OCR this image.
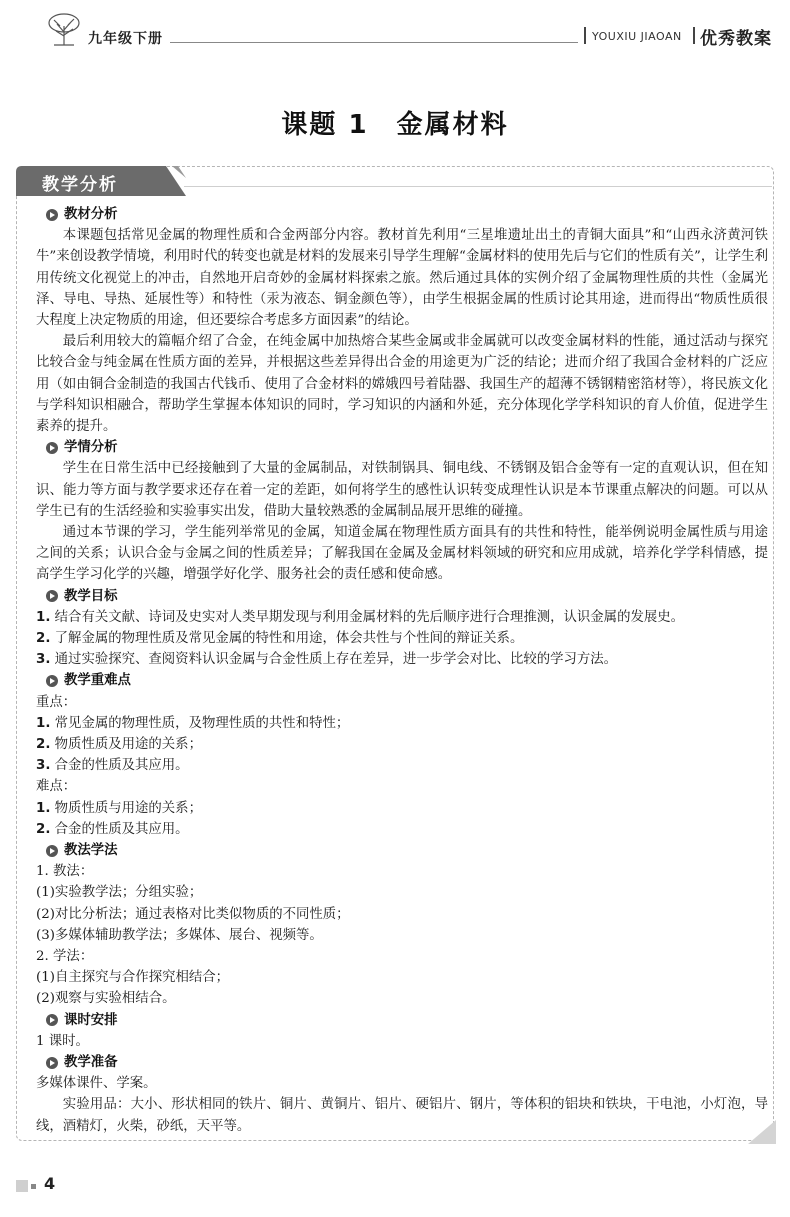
九年级下册	YOUXIU JIAOAN 优秀教案
课题 1　金属材料
教学分析
教材分析

本课题包括常见金属的物理性质和合金两部分内容。教材首先利用“三星堆遗址出土的青铜大面具”和“山西永济黄河铁牛”来创设教学情境，利用时代的转变也就是材料的发展来引导学生理解“金属材料的使用先后与它们的性质有关”，让学生利用传统文化视觉上的冲击，自然地开启奇妙的金属材料探索之旅。然后通过具体的实例介绍了金属物理性质的共性（金属光泽、导电、导热、延展性等）和特性（汞为液态、铜金颜色等），由学生根据金属的性质讨论其用途，进而得出“物质性质很大程度上决定物质的用途，但还要综合考虑多方面因素”的结论。

最后利用较大的篇幅介绍了合金，在纯金属中加热熔合某些金属或非金属就可以改变金属材料的性能，通过活动与探究比较合金与纯金属在性质方面的差异，并根据这些差异得出合金的用途更为广泛的结论；进而介绍了我国合金材料的广泛应用（如由铜合金制造的我国古代钱币、使用了合金材料的嫦娥四号着陆器、我国生产的超薄不锈钢精密箔材等），将民族文化与学科知识相融合，帮助学生掌握本体知识的同时，学习知识的内涵和外延，充分体现化学学科知识的育人价值，促进学生素养的提升。

学情分析

学生在日常生活中已经接触到了大量的金属制品，对铁制锅具、铜电线、不锈钢及铝合金等有一定的直观认识，但在知识、能力等方面与教学要求还存在着一定的差距，如何将学生的感性认识转变成理性认识是本节课重点解决的问题。可以从学生已有的生活经验和实验事实出发，借助大量较熟悉的金属制品展开思维的碰撞。

通过本节课的学习，学生能列举常见的金属，知道金属在物理性质方面具有的共性和特性，能举例说明金属性质与用途之间的关系；认识合金与金属之间的性质差异；了解我国在金属及金属材料领域的研究和应用成就，培养化学学科情感，提高学生学习化学的兴趣，增强学好化学、服务社会的责任感和使命感。

教学目标
1. 结合有关文献、诗词及史实对人类早期发现与利用金属材料的先后顺序进行合理推测，认识金属的发展史。
2. 了解金属的物理性质及常见金属的特性和用途，体会共性与个性间的辩证关系。
3. 通过实验探究、查阅资料认识金属与合金性质上存在差异，进一步学会对比、比较的学习方法。
教学重难点
重点：
1. 常见金属的物理性质，及物理性质的共性和特性；
2. 物质性质及用途的关系；
3. 合金的性质及其应用。
难点：
1. 物质性质与用途的关系；
2. 合金的性质及其应用。
教法学法
1. 教法：
(1)实验教学法；分组实验；
(2)对比分析法；通过表格对比类似物质的不同性质；
(3)多媒体辅助教学法；多媒体、展台、视频等。
2. 学法：
(1)自主探究与合作探究相结合；
(2)观察与实验相结合。
课时安排
1 课时。
教学准备
多媒体课件、学案。

实验用品：大小、形状相同的铁片、铜片、黄铜片、铝片、硬铝片、钢片，等体积的铝块和铁块，干电池，小灯泡，导线，酒精灯，火柴，砂纸，天平等。

4
